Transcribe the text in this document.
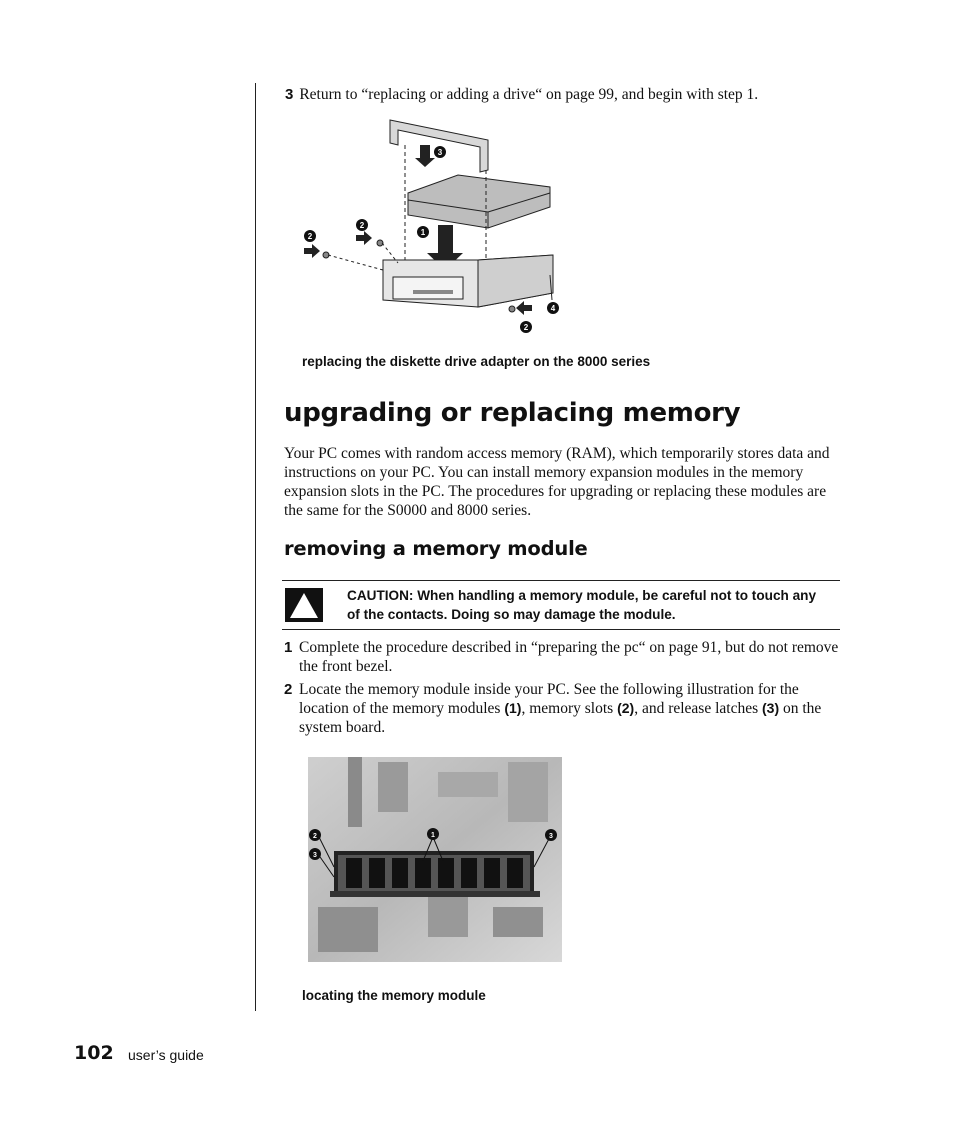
3 Return to “replacing or adding a drive“ on page 99, and begin with step 1.
3
2
2	1
2
4
replacing the diskette drive adapter on the 8000 series
upgrading or replacing memory
Your PC comes with random access memory (RAM), which temporarily stores data and instructions on your PC. You can install memory expansion modules in the memory expansion slots in the PC. The procedures for upgrading or replacing these modules are the same for the S0000 and 8000 series.
removing a memory module
CAUTION: When handling a memory module, be careful not to touch any of the contacts. Doing so may damage the module.
1 Complete the procedure described in “preparing the pc“ on page 91, but do not remove the front bezel.
2 Locate the memory module inside your PC. See the following illustration for the location of the memory modules (1), memory slots (2), and release latches (3) on the system board.
2	1	3
3
locating the memory module
102 user’s guide
